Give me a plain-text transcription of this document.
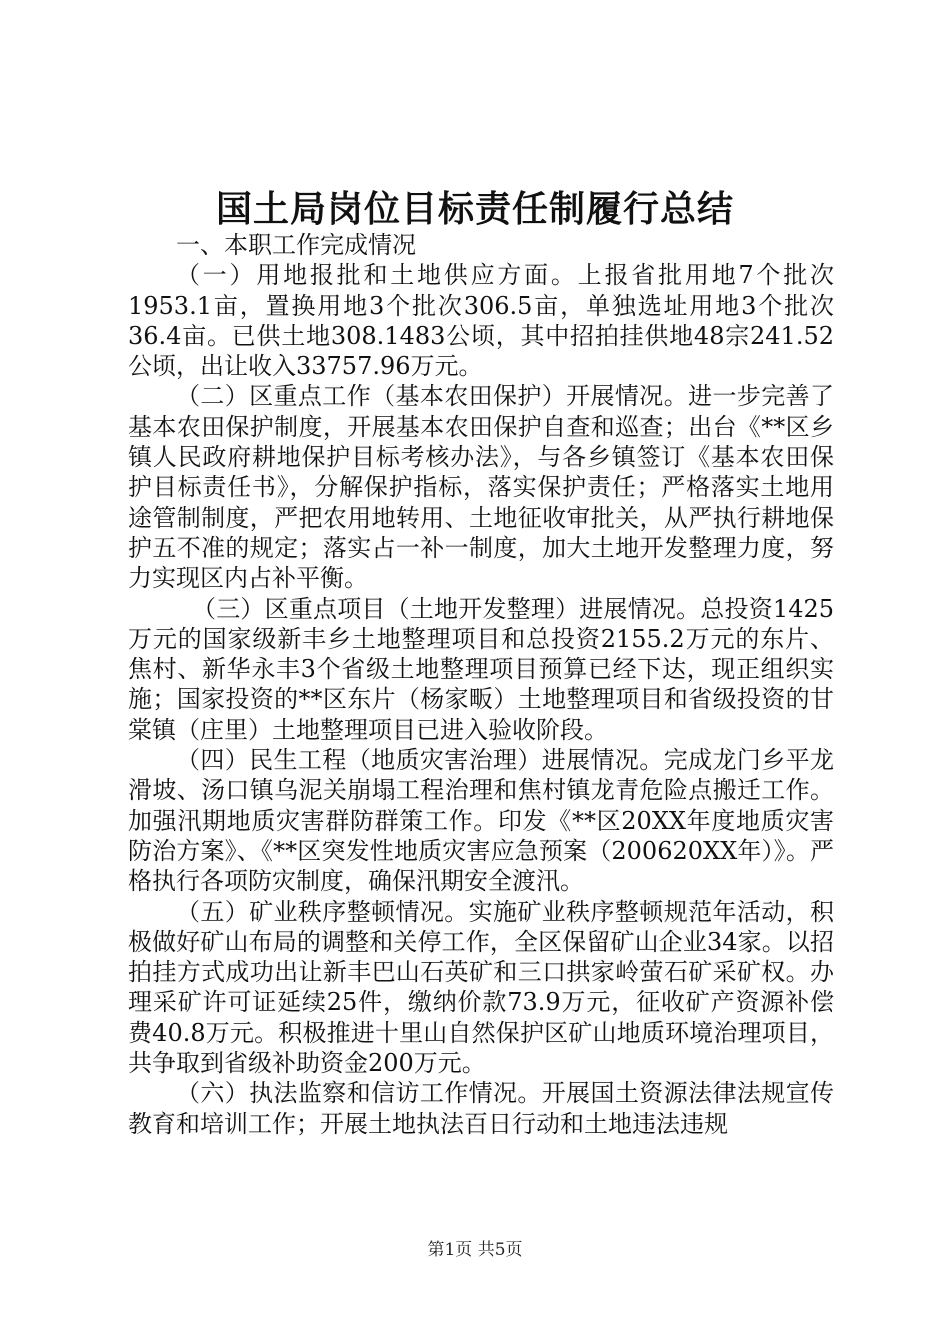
国土局岗位目标责任制履行总结

一、本职工作完成情况

（一）用地报批和土地供应方面。上报省批用地7个批次1953.1亩，置换用地3个批次306.5亩，单独选址用地3个批次36.4亩。已供土地308.1483公顷，其中招拍挂供地48宗241.52公顷，出让收入33757.96万元。

（二）区重点工作（基本农田保护）开展情况。进一步完善了基本农田保护制度，开展基本农田保护自查和巡查；出台《**区乡镇人民政府耕地保护目标考核办法》，与各乡镇签订《基本农田保护目标责任书》，分解保护指标，落实保护责任；严格落实土地用途管制制度，严把农用地转用、土地征收审批关，从严执行耕地保护五不准的规定；落实占一补一制度，加大土地开发整理力度，努力实现区内占补平衡。

（三）区重点项目（土地开发整理）进展情况。总投资1425万元的国家级新丰乡土地整理项目和总投资2155.2万元的东片、焦村、新华永丰3个省级土地整理项目预算已经下达，现正组织实施；国家投资的**区东片（杨家畈）土地整理项目和省级投资的甘棠镇（庄里）土地整理项目已进入验收阶段。

（四）民生工程（地质灾害治理）进展情况。完成龙门乡平龙滑坡、汤口镇乌泥关崩塌工程治理和焦村镇龙青危险点搬迁工作。加强汛期地质灾害群防群策工作。印发《**区20XX年度地质灾害防治方案》、《**区突发性地质灾害应急预案（200620XX年）》。严格执行各项防灾制度，确保汛期安全渡汛。

（五）矿业秩序整顿情况。实施矿业秩序整顿规范年活动，积极做好矿山布局的调整和关停工作，全区保留矿山企业34家。以招拍挂方式成功出让新丰巴山石英矿和三口拱家岭萤石矿采矿权。办理采矿许可证延续25件，缴纳价款73.9万元，征收矿产资源补偿费40.8万元。积极推进十里山自然保护区矿山地质环境治理项目，共争取到省级补助资金200万元。

（六）执法监察和信访工作情况。开展国土资源法律法规宣传教育和培训工作；开展土地执法百日行动和土地违法违规

第1页 共5页
